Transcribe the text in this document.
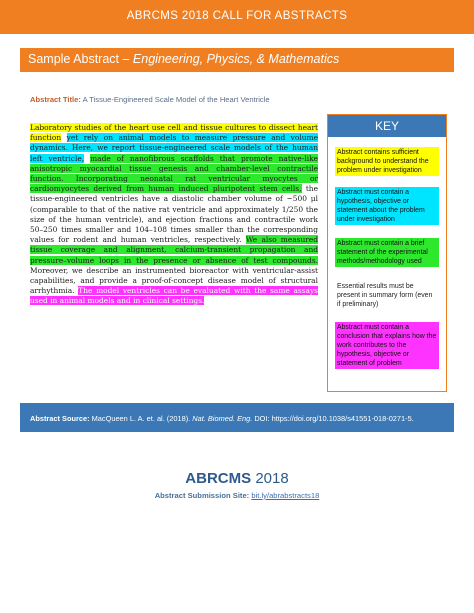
ABRCMS 2018 CALL FOR ABSTRACTS
Sample Abstract – Engineering, Physics, & Mathematics
Abstract Title: A Tissue-Engineered Scale Model of the Heart Ventricle
Laboratory studies of the heart use cell and tissue cultures to dissect heart function yet rely on animal models to measure pressure and volume dynamics. Here, we report tissue-engineered scale models of the human left ventricle, made of nanofibrous scaffolds that promote native-like anisotropic myocardial tissue genesis and chamber-level contractile function. Incorporating neonatal rat ventricular myocytes or cardiomyocytes derived from human induced pluripotent stem cells, the tissue-engineered ventricles have a diastolic chamber volume of ~500 μl (comparable to that of the native rat ventricle and approximately 1/250 the size of the human ventricle), and ejection fractions and contractile work 50–250 times smaller and 104–108 times smaller than the corresponding values for rodent and human ventricles, respectively. We also measured tissue coverage and alignment, calcium-transient propagation and pressure–volume loops in the presence or absence of test compounds. Moreover, we describe an instrumented bioreactor with ventricular-assist capabilities, and provide a proof-of-concept disease model of structural arrhythmia. The model ventricles can be evaluated with the same assays used in animal models and in clinical settings.
KEY
Abstract contains sufficient background to understand the problem under investigation
Abstract must contain a hypothesis, objective or statement about the problem under investigation
Abstract must contain a brief statement of the experimental methods/methodology used
Essential results must be present in summary form (even if preliminary)
Abstract must contain a conclusion that explains how the work contributes to the hypothesis, objective or statement of problem
Abstract Source: MacQueen L. A. et. al. (2018). Nat. Biomed. Eng. DOI: https://doi.org/10.1038/s41551-018-0271-5.
ABRCMS 2018
Abstract Submission Site: bit.ly/abrabstracts18
